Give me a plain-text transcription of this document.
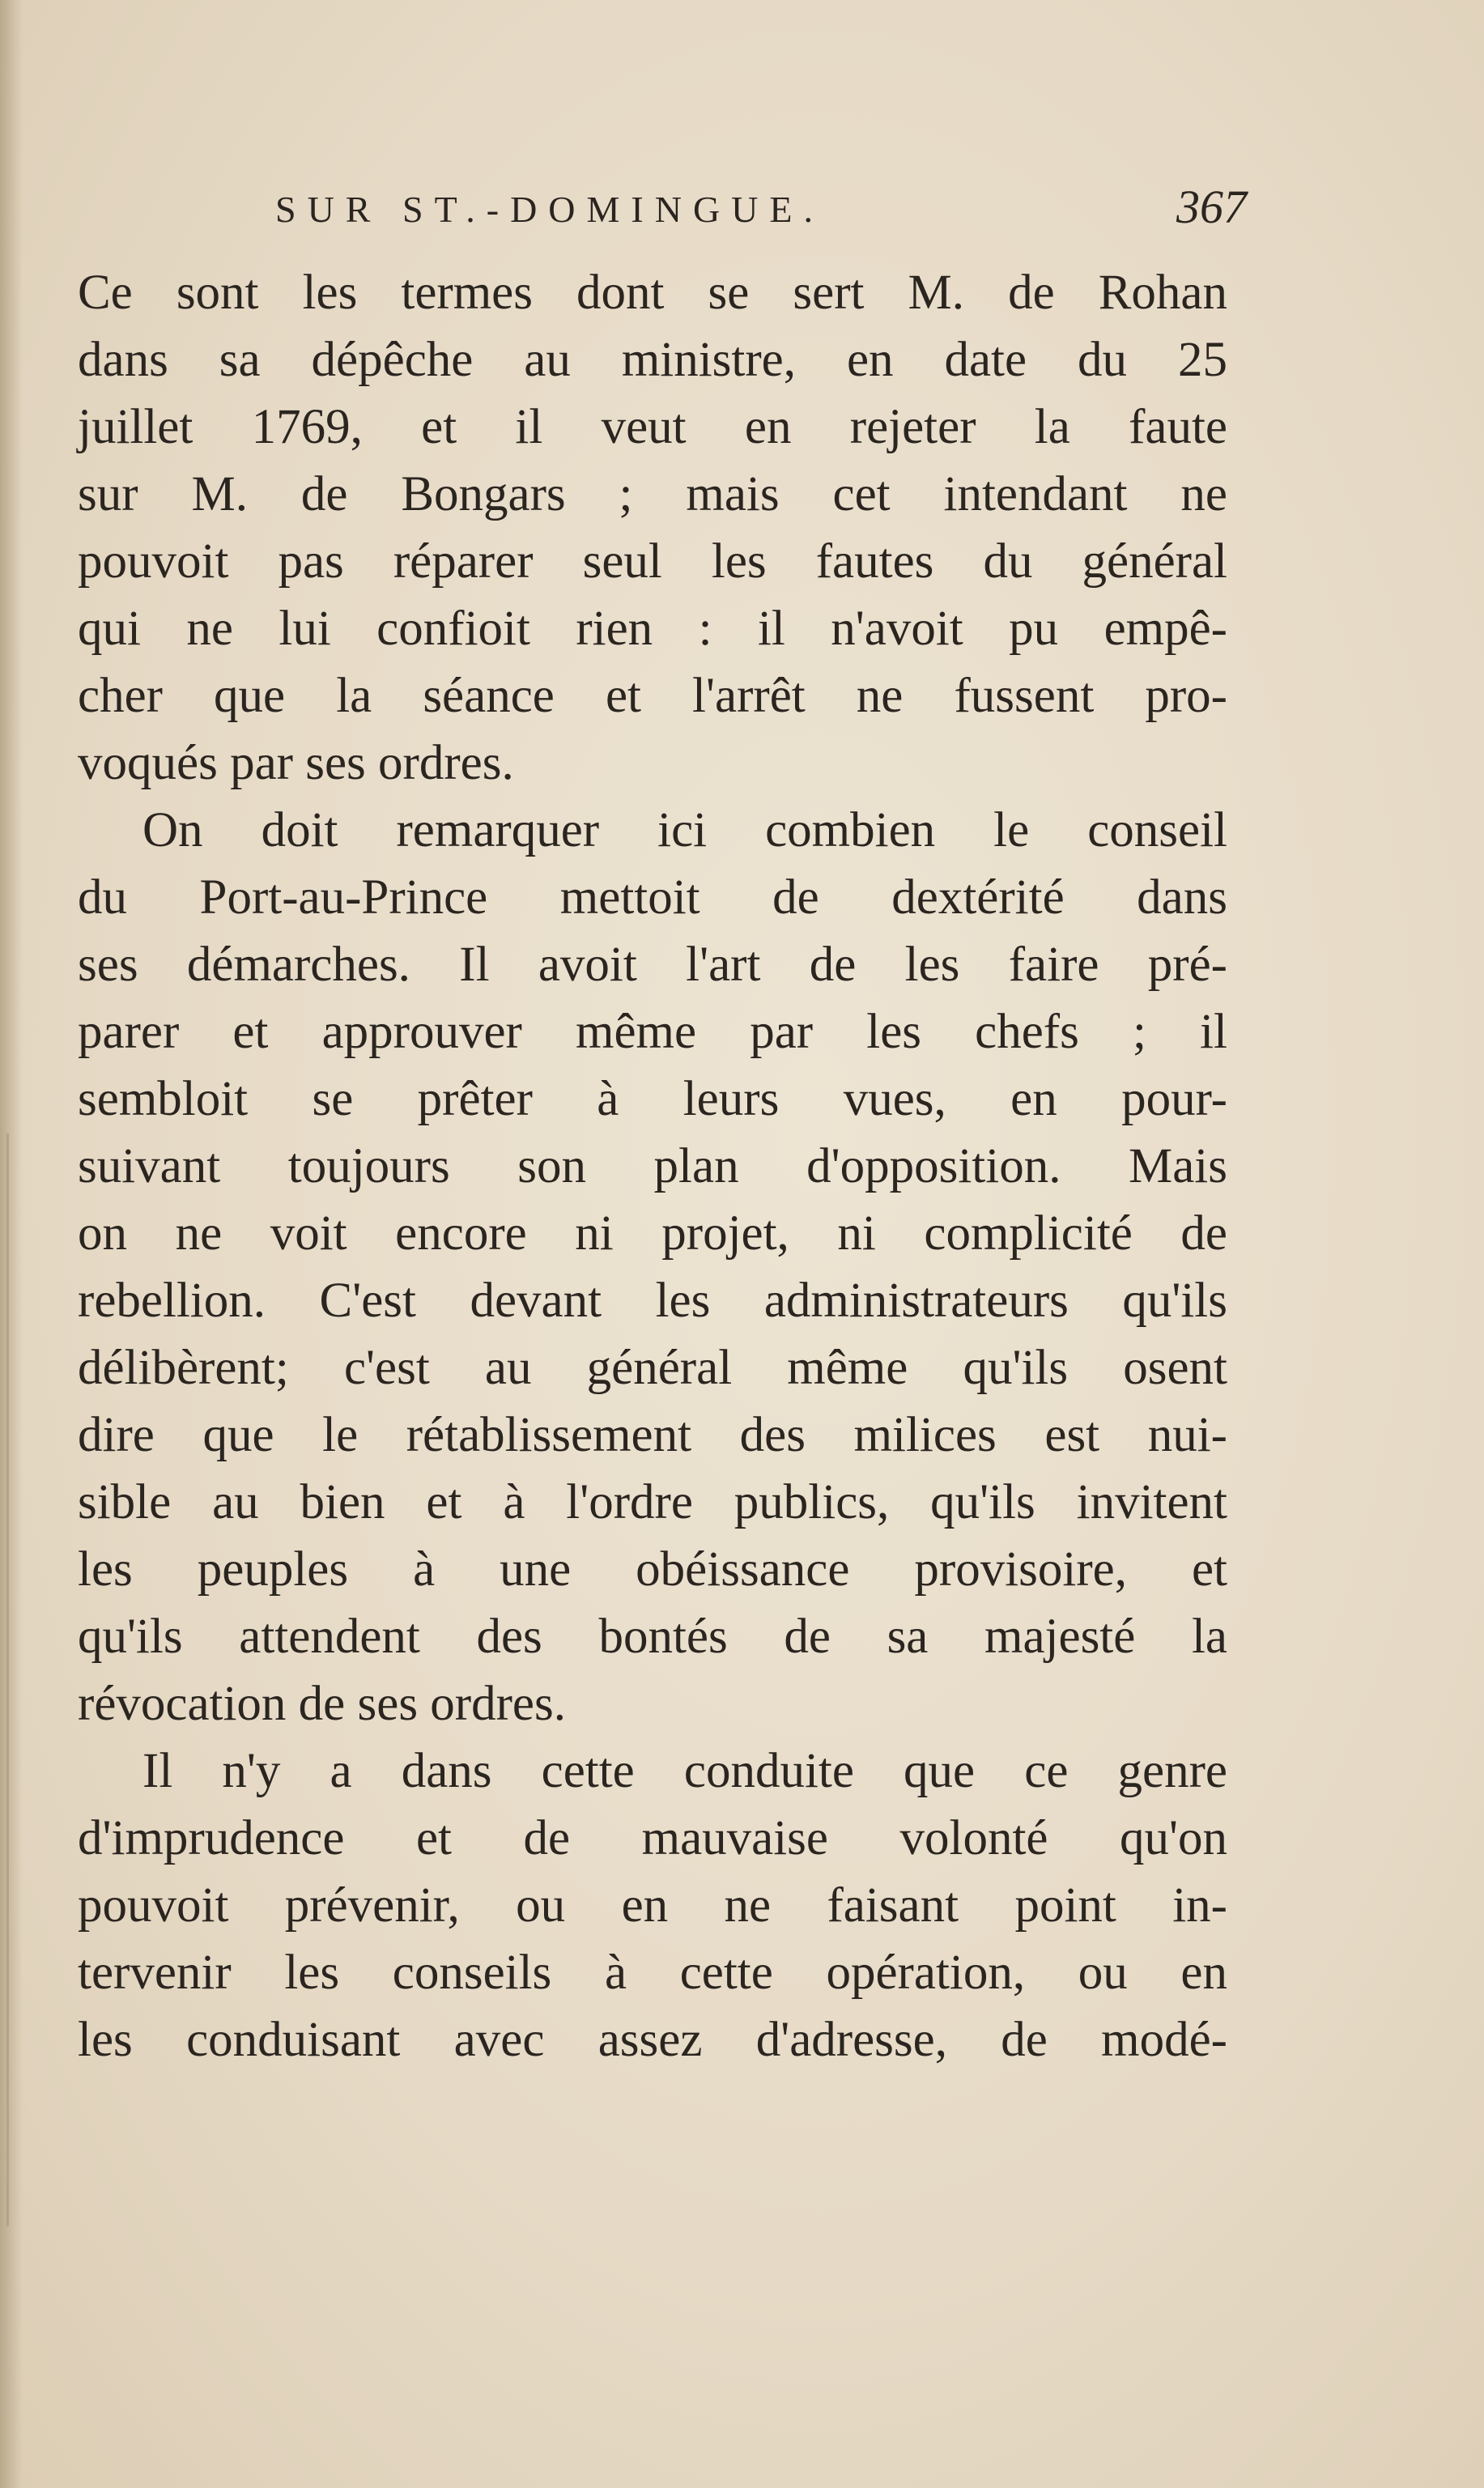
SUR ST.-DOMINGUE.	367
Ce sont les termes dont se sert M. de Rohan
dans sa dépêche au ministre, en date du 25
juillet 1769, et il veut en rejeter la faute
sur M. de Bongars ; mais cet intendant ne
pouvoit pas réparer seul les fautes du général
qui ne lui confioit rien : il n'avoit pu empê-
cher que la séance et l'arrêt ne fussent pro-
voqués par ses ordres.
On doit remarquer ici combien le conseil
du Port-au-Prince mettoit de dextérité dans
ses démarches. Il avoit l'art de les faire pré-
parer et approuver même par les chefs ; il
sembloit se prêter à leurs vues, en pour-
suivant toujours son plan d'opposition. Mais
on ne voit encore ni projet, ni complicité de
rebellion. C'est devant les administrateurs qu'ils
délibèrent; c'est au général même qu'ils osent
dire que le rétablissement des milices est nui-
sible au bien et à l'ordre publics, qu'ils invitent
les peuples à une obéissance provisoire, et
qu'ils attendent des bontés de sa majesté la
révocation de ses ordres.
Il n'y a dans cette conduite que ce genre
d'imprudence et de mauvaise volonté qu'on
pouvoit prévenir, ou en ne faisant point in-
tervenir les conseils à cette opération, ou en
les conduisant avec assez d'adresse, de modé-
